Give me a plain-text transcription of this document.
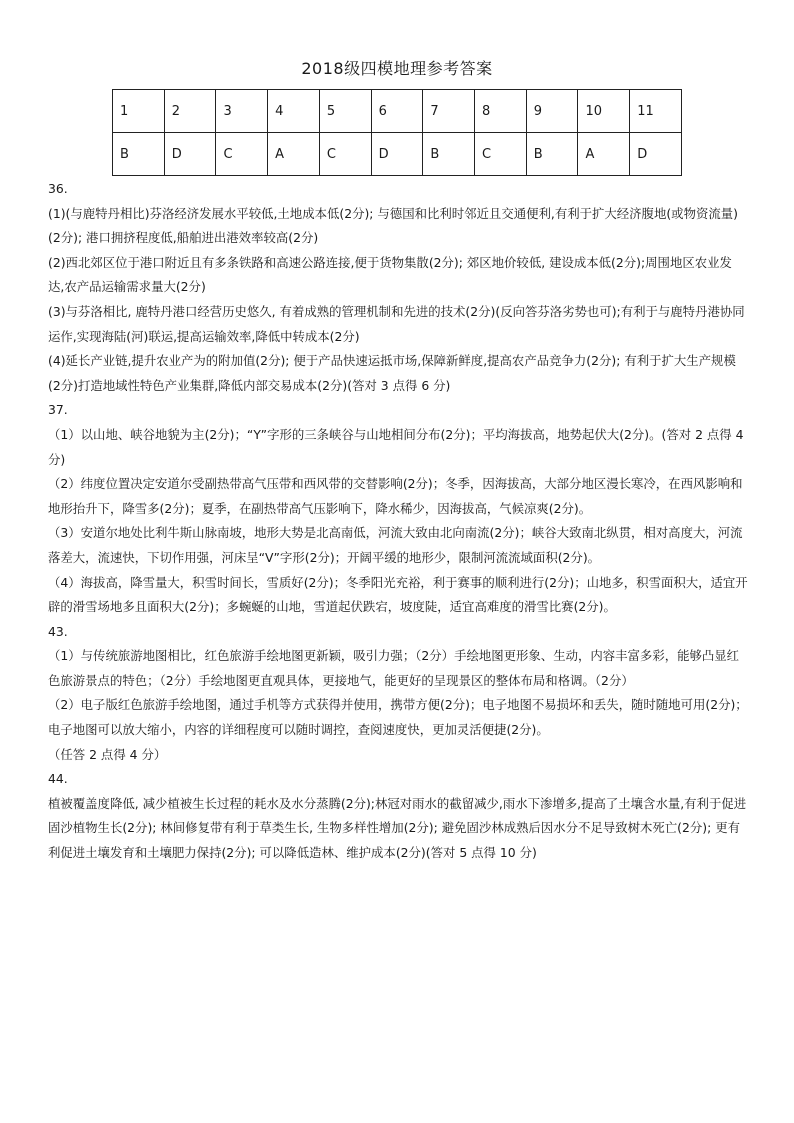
2018级四模地理参考答案
1	2	3	4	5	6	7	8	9	10	11
B	D	C	A	C	D	B	C	B	A	D

36.

(1)(与鹿特丹相比)芬洛经济发展水平较低,土地成本低(2分); 与德国和比利时邻近且交通便利,有利于扩大经济腹地(或物资流量)(2分); 港口拥挤程度低,船舶进出港效率较高(2分)

(2)西北郊区位于港口附近且有多条铁路和高速公路连接,便于货物集散(2分); 郊区地价较低, 建设成本低(2分);周围地区农业发达,农产品运输需求量大(2分)

(3)与芬洛相比, 鹿特丹港口经营历史悠久, 有着成熟的管理机制和先进的技术(2分)(反向答芬洛劣势也可);有利于与鹿特丹港协同运作,实现海陆(河)联运,提高运输效率,降低中转成本(2分)

(4)延长产业链,提升农业产为的附加值(2分); 便于产品快速运抵市场,保障新鲜度,提高农产品竞争力(2分); 有利于扩大生产规模(2分)打造地域性特色产业集群,降低内部交易成本(2分)(答对 3 点得 6 分)

37.

（1）以山地、峡谷地貌为主(2分)；“Y”字形的三条峡谷与山地相间分布(2分)；平均海拔高，地势起伏大(2分)。(答对 2 点得 4 分)

（2）纬度位置决定安道尔受副热带高气压带和西风带的交替影响(2分)；冬季，因海拔高，大部分地区漫长寒冷，在西风影响和地形抬升下，降雪多(2分)；夏季，在副热带高气压影响下，降水稀少，因海拔高，气候凉爽(2分)。

（3）安道尔地处比利牛斯山脉南坡，地形大势是北高南低，河流大致由北向南流(2分)；峡谷大致南北纵贯，相对高度大，河流落差大，流速快，下切作用强，河床呈“V”字形(2分)；开阔平缓的地形少，限制河流流域面积(2分)。

（4）海拔高，降雪量大，积雪时间长，雪质好(2分)；冬季阳光充裕，利于赛事的顺利进行(2分)；山地多，积雪面积大，适宜开辟的滑雪场地多且面积大(2分)；多蜿蜒的山地，雪道起伏跌宕，坡度陡，适宜高难度的滑雪比赛(2分)。

43.

（1）与传统旅游地图相比，红色旅游手绘地图更新颖，吸引力强；（2分）手绘地图更形象、生动，内容丰富多彩，能够凸显红色旅游景点的特色；（2分）手绘地图更直观具体，更接地气，能更好的呈现景区的整体布局和格调。（2分）

（2）电子版红色旅游手绘地图，通过手机等方式获得并使用，携带方便(2分)；电子地图不易损坏和丢失，随时随地可用(2分)；电子地图可以放大缩小，内容的详细程度可以随时调控，查阅速度快，更加灵活便捷(2分)。

（任答 2 点得 4 分）

44.

植被覆盖度降低, 减少植被生长过程的耗水及水分蒸腾(2分);林冠对雨水的截留减少,雨水下渗增多,提高了土壤含水量,有利于促进固沙植物生长(2分); 林间修复带有利于草类生长, 生物多样性增加(2分); 避免固沙林成熟后因水分不足导致树木死亡(2分); 更有利促进土壤发育和土壤肥力保持(2分); 可以降低造林、维护成本(2分)(答对 5 点得 10 分)
